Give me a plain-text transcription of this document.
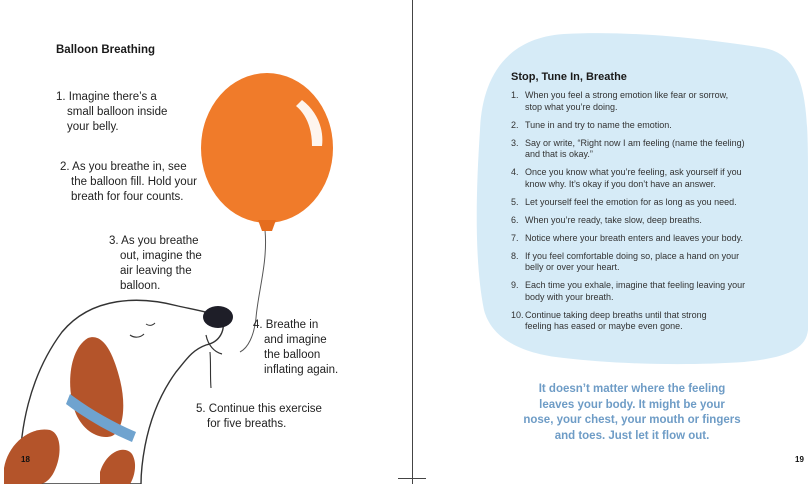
Balloon Breathing
1. Imagine there’s a
small balloon inside
your belly.
2. As you breathe in, see
the balloon fill. Hold your
breath for four counts.
3. As you breathe
out, imagine the
air leaving the
balloon.
4. Breathe in
and imagine
the balloon
inflating again.
5. Continue this exercise
for five breaths.
18
Stop, Tune In, Breathe
1. When you feel a strong emotion like fear or sorrow,
stop what you’re doing.
2. Tune in and try to name the emotion.
3. Say or write, “Right now I am feeling (name the feeling)
and that is okay.”
4. Once you know what you’re feeling, ask yourself if you
know why. It’s okay if you don’t have an answer.
5. Let yourself feel the emotion for as long as you need.
6. When you’re ready, take slow, deep breaths.
7. Notice where your breath enters and leaves your body.
8. If you feel comfortable doing so, place a hand on your
belly or over your heart.
9. Each time you exhale, imagine that feeling leaving your
body with your breath.
10. Continue taking deep breaths until that strong
feeling has eased or maybe even gone.
It doesn’t matter where the feeling
leaves your body. It might be your
nose, your chest, your mouth or fingers
and toes. Just let it flow out.
19
